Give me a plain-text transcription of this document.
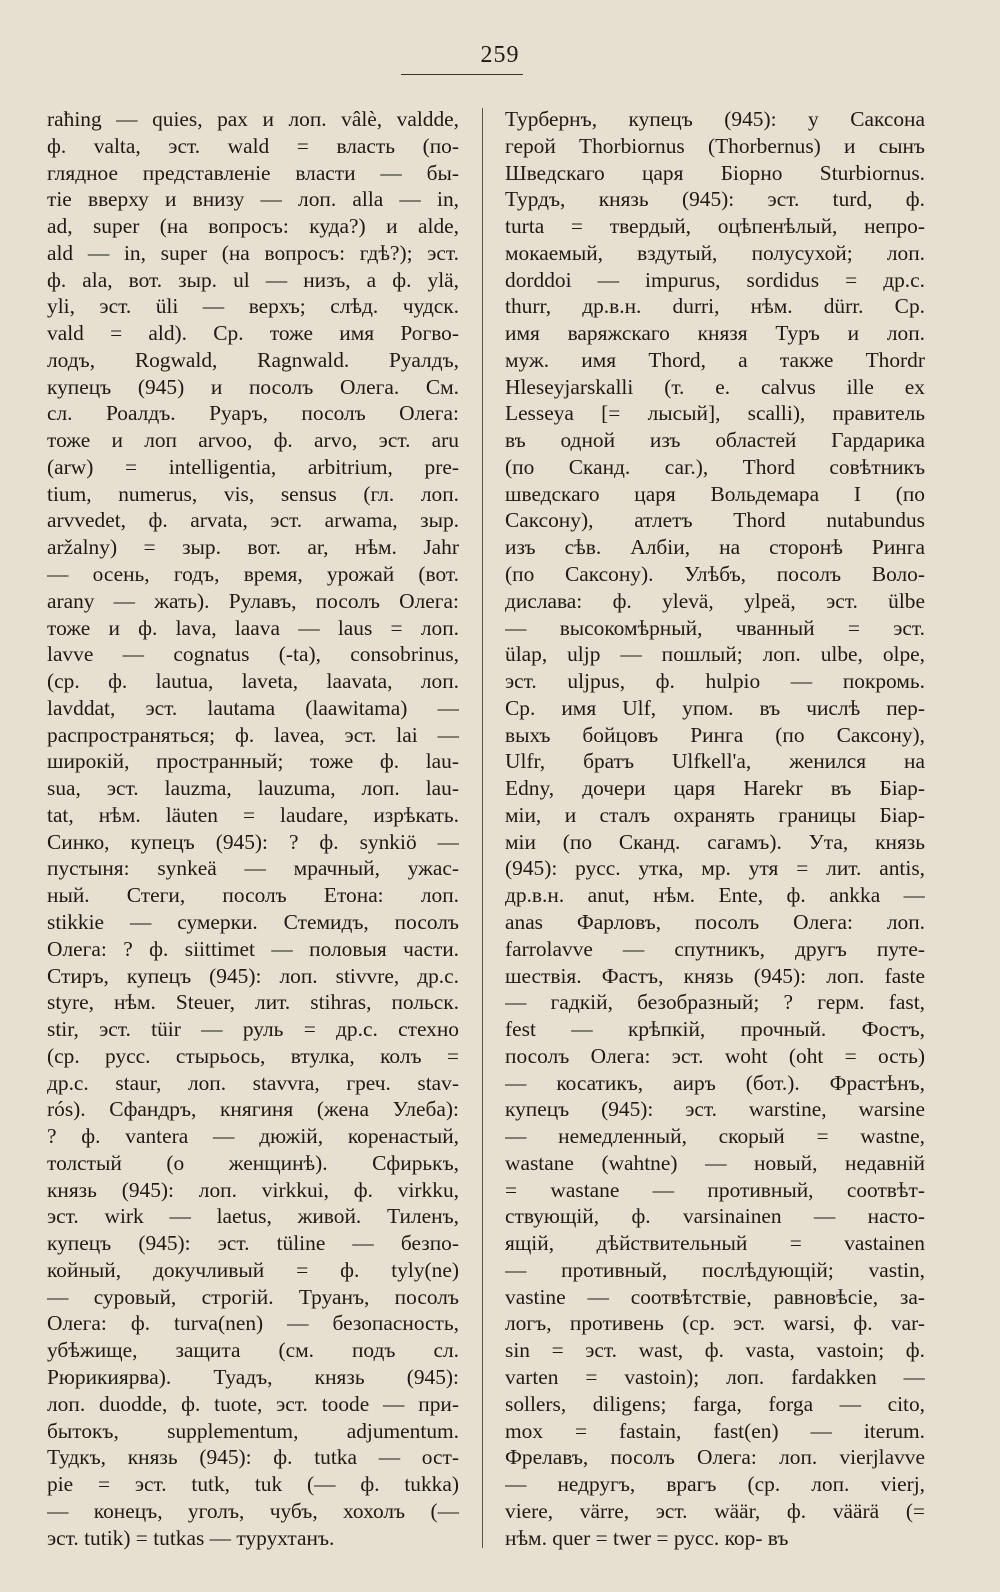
259
raħing — quies, pax и лоп. vâlè, valdde,
ф. valta, эст. wald = власть (по-
глядное представленіе власти — бы-
тіе вверху и внизу — лоп. alla — in,
ad, super (на вопросъ: куда?) и alde,
ald — in, super (на вопросъ: гдѣ?); эст.
ф. ala, вот. зыр. ul — низъ, а ф. ylä,
yli, эст. üli — верхъ; слѣд. чудск.
vald = ald). Ср. тоже имя Рогво-
лодъ, Rogwald, Ragnwald. Руалдъ,
купецъ (945) и посолъ Олега. См.
сл. Роалдъ. Руаръ, посолъ Олега:
тоже и лоп arvoo, ф. arvo, эст. aru
(arw) = intelligentia, arbitrium, pre-
tium, numerus, vis, sensus (гл. лоп.
arvvedet, ф. arvata, эст. arwama, зыр.
aržalny) = зыр. вот. ar, нѣм. Jahr
— осень, годъ, время, урожай (вот.
arany — жать). Рулавъ, посолъ Олега:
тоже и ф. lava, laava — laus = лоп.
lavve — cognatus (-ta), consobrinus,
(ср. ф. lautua, laveta, laavata, лоп.
lavddat, эст. lautama (laawitama) —
распространяться; ф. lavea, эст. lai —
широкій, пространный; тоже ф. lau-
sua, эст. lauzma, lauzuma, лоп. lau-
tat, нѣм. läuten = laudare, изрѣкать.
Синко, купецъ (945): ? ф. synkiö —
пустыня: synkeä — мрачный, ужас-
ный. Стеги, посолъ Етона: лоп.
stikkie — сумерки. Стемидъ, посолъ
Олега: ? ф. siittimet — половыя части.
Стиръ, купецъ (945): лоп. stivvre, др.с.
styre, нѣм. Steuer, лит. stihras, польск.
stir, эст. tüir — руль = др.с. стехно
(ср. русс. стырьось, втулка, колъ =
др.с. staur, лоп. stavvra, греч. stav-
rós). Сфандръ, княгиня (жена Улеба):
? ф. vantera — дюжій, коренастый,
толстый (о женщинѣ). Сфирькъ,
князь (945): лоп. virkkui, ф. virkku,
эст. wirk — laetus, живой. Тиленъ,
купецъ (945): эст. tüline — безпо-
койный, докучливый = ф. tyly(ne)
— суровый, строгій. Труанъ, посолъ
Олега: ф. turva(nen) — безопасность,
убѣжище, защита (см. подъ сл.
Рюрикиярва). Туадъ, князь (945):
лоп. duodde, ф. tuote, эст. toode — при-
бытокъ, supplementum, adjumentum.
Тудкъ, князь (945): ф. tutka — ост-
pie = эст. tutk, tuk (— ф. tukka)
— конецъ, уголъ, чубъ, хохолъ (—
эст. tutik) = tutkas — турухтанъ.
Турбернъ, купецъ (945): у Саксона
герой Thorbiornus (Thorbernus) и сынъ
Шведскаго царя Біорно Sturbiornus.
Турдъ, князь (945): эст. turd, ф.
turta = твердый, оцѣпенѣлый, непро-
мокаемый, вздутый, полусухой; лоп.
dorddoi — impurus, sordidus = др.с.
thurr, др.в.н. durri, нѣм. dürr. Ср.
имя варяжскаго князя Туръ и лоп.
муж. имя Thord, а также Thordr
Hleseyjarskalli (т. е. calvus ille ex
Lesseya [= лысый], scalli), правитель
въ одной изъ областей Гардарика
(по Сканд. саг.), Thord совѣтникъ
шведскаго царя Вольдемара I (по
Саксону), атлетъ Thord nutabundus
изъ сѣв. Албіи, на сторонѣ Ринга
(по Саксону). Улѣбъ, посолъ Воло-
дислава: ф. ylevä, ylpeä, эст. ülbe
— высокомѣрный, чванный = эст.
ülap, uljp — пошлый; лоп. ulbe, olpe,
эст. uljpus, ф. hulpio — покромь.
Ср. имя Ulf, упом. въ числѣ пер-
выхъ бойцовъ Ринга (по Саксону),
Ulfr, братъ Ulfkell'а, женился на
Edny, дочери царя Harekr въ Біар-
міи, и сталъ охранять границы Біар-
міи (по Сканд. сагамъ). Ута, князь
(945): русс. утка, мр. утя = лит. antis,
др.в.н. anut, нѣм. Ente, ф. ankka —
anas Фарловъ, посолъ Олега: лоп.
farrolavve — спутникъ, другъ путе-
шествія. Фастъ, князь (945): лоп. faste
— гадкій, безобразный; ? герм. fast,
fest — крѣпкій, прочный. Фостъ,
посолъ Олега: эст. woht (oht = ость)
— косатикъ, аиръ (бот.). Фрастѣнъ,
купецъ (945): эст. warstine, warsine
— немедленный, скорый = wastne,
wastane (wahtne) — новый, недавній
= wastane — противный, соотвѣт-
ствующій, ф. varsinainen — насто-
ящій, дѣйствительный = vastainen
— противный, послѣдующій; vastin,
vastine — соотвѣтствіе, равновѣсіе, за-
логъ, противень (ср. эст. warsi, ф. var-
sin = эст. wast, ф. vasta, vastoin; ф.
varten = vastoin); лоп. fardakken —
sollers, diligens; farga, forga — cito,
mox = fastain, fast(en) — iterum.
Фрелавъ, посолъ Олега: лоп. vierjlavve
— недругъ, врагъ (ср. лоп. vierj,
viere, värre, эст. wäär, ф. väärä (=
нѣм. quer = twer = русс. кор- въ
